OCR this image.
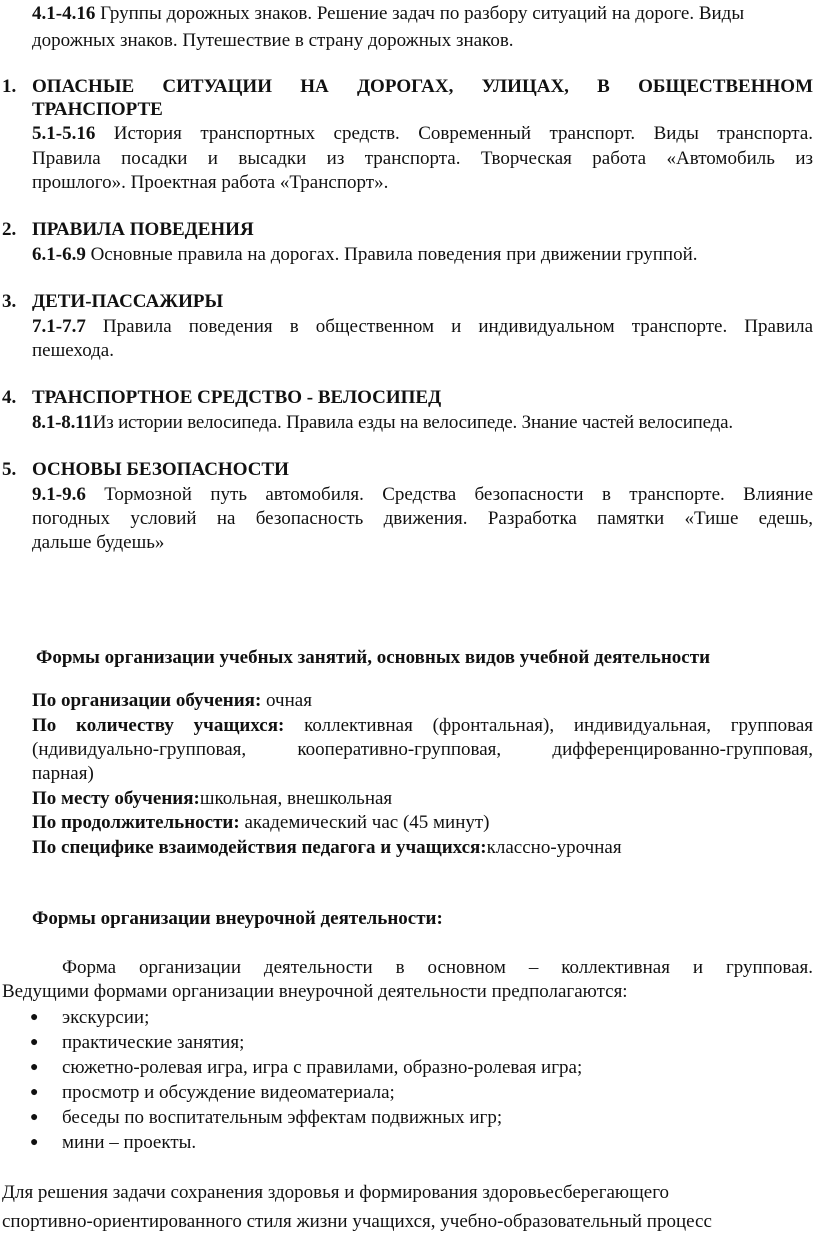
4.1-4.16 Группы дорожных знаков. Решение задач по разбору ситуаций на дороге. Виды
дорожных знаков. Путешествие в страну дорожных знаков.
1. ОПАСНЫЕ СИТУАЦИИ НА ДОРОГАХ, УЛИЦАХ, В ОБЩЕСТВЕННОМ
ТРАНСПОРТЕ
5.1-5.16 История транспортных средств. Современный транспорт. Виды транспорта.
Правила посадки и высадки из транспорта. Творческая работа «Автомобиль из
прошлого». Проектная работа «Транспорт».
2. ПРАВИЛА ПОВЕДЕНИЯ
6.1-6.9 Основные правила на дорогах. Правила поведения при движении группой.
3. ДЕТИ-ПАССАЖИРЫ
7.1-7.7 Правила поведения в общественном и индивидуальном транспорте. Правила
пешехода.
4. ТРАНСПОРТНОЕ СРЕДСТВО - ВЕЛОСИПЕД
8.1-8.11Из истории велосипеда. Правила езды на велосипеде. Знание частей велосипеда.
5. ОСНОВЫ БЕЗОПАСНОСТИ
9.1-9.6 Тормозной путь автомобиля. Средства безопасности в транспорте. Влияние
погодных условий на безопасность движения. Разработка памятки «Тише едешь,
дальше будешь»
Формы организации учебных занятий, основных видов учебной деятельности
По организации обучения: очная
По количеству учащихся: коллективная (фронтальная), индивидуальная, групповая
(ндивидуально-групповая, кооперативно-групповая, дифференцированно-групповая,
парная)
По месту обучения:школьная, внешкольная
По продолжительности: академический час (45 минут)
По специфике взаимодействия педагога и учащихся:классно-урочная
Формы организации внеурочной деятельности:
Форма организации деятельности в основном – коллективная и групповая.
Ведущими формами организации внеурочной деятельности предполагаются:
● экскурсии;
● практические занятия;
● сюжетно-ролевая игра, игра с правилами, образно-ролевая игра;
● просмотр и обсуждение видеоматериала;
● беседы по воспитательным эффектам подвижных игр;
● мини – проекты.
Для решения задачи сохранения здоровья и формирования здоровьесберегающего
спортивно-ориентированного стиля жизни учащихся, учебно-образовательный процесс
